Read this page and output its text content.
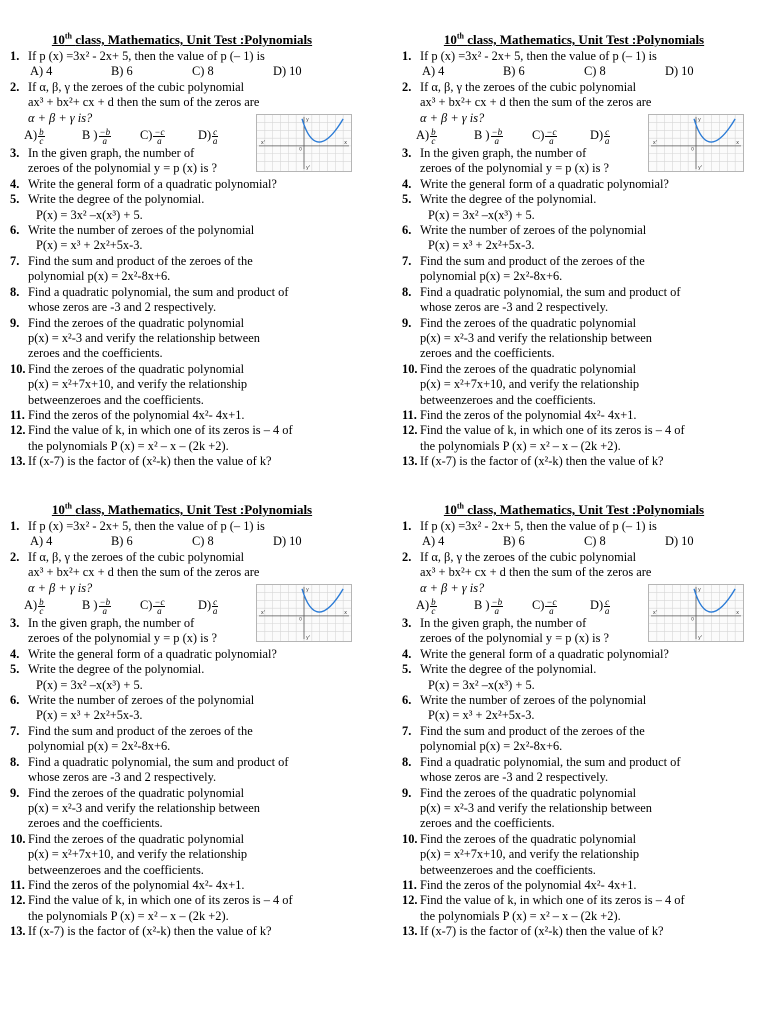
10th class, Mathematics, Unit Test :Polynomials
1. If p (x) =3x² - 2x+ 5, then the value of p (– 1) is
A) 4	B) 6	C) 8	D) 10
2. If α, β, γ the zeroes of the cubic polynomial
ax³ + bx²+ cx + d then the sum of the zeros are
α + β + γ is?
$A) \frac{b}{c}$	B ) $\frac{-b}{a} C) \frac{-c}{a}$	$D) \frac{c}{a}$
3. In the given graph, the number of
zeroes of the polynomial y = p (x) is ?
4. Write the general form of a quadratic polynomial?
5. Write the degree of the polynomial.
P(x) = 3x² –x(x³) + 5.
6. Write the number of zeroes of the polynomial
P(x) = x³ + 2x²+5x-3.
7. Find the sum and product of the zeroes of the
polynomial p(x) = 2x²-8x+6.
8. Find a quadratic polynomial, the sum and product of
whose zeros are -3 and 2 respectively.
9. Find the zeroes of the quadratic polynomial
p(x) = x²-3 and verify the relationship between
zeroes and the coefficients.
10. Find the zeroes of the quadratic polynomial
p(x) = x²+7x+10, and verify the relationship
betweenzeroes and the coefficients.
11. Find the zeros of the polynomial 4x²- 4x+1.
12. Find the value of k, in which one of its zeros is – 4 of
the polynomials P (x) = x² – x – (2k +2).
13. If (x-7) is the factor of (x²-k) then the value of k?
x'	x
y
y'
0
10th class, Mathematics, Unit Test :Polynomials
1. If p (x) =3x² - 2x+ 5, then the value of p (– 1) is
A) 4	B) 6	C) 8	D) 10
2. If α, β, γ the zeroes of the cubic polynomial
ax³ + bx²+ cx + d then the sum of the zeros are
α + β + γ is?
$A) \frac{b}{c}$	B ) $\frac{-b}{a} C) \frac{-c}{a}$	$D) \frac{c}{a}$
3. In the given graph, the number of
zeroes of the polynomial y = p (x) is ?
4. Write the general form of a quadratic polynomial?
5. Write the degree of the polynomial.
P(x) = 3x² –x(x³) + 5.
6. Write the number of zeroes of the polynomial
P(x) = x³ + 2x²+5x-3.
7. Find the sum and product of the zeroes of the
polynomial p(x) = 2x²-8x+6.
8. Find a quadratic polynomial, the sum and product of
whose zeros are -3 and 2 respectively.
9. Find the zeroes of the quadratic polynomial
p(x) = x²-3 and verify the relationship between
zeroes and the coefficients.
10. Find the zeroes of the quadratic polynomial
p(x) = x²+7x+10, and verify the relationship
betweenzeroes and the coefficients.
11. Find the zeros of the polynomial 4x²- 4x+1.
12. Find the value of k, in which one of its zeros is – 4 of
the polynomials P (x) = x² – x – (2k +2).
13. If (x-7) is the factor of (x²-k) then the value of k?
x'	x
y
y'
0
10th class, Mathematics, Unit Test :Polynomials
1. If p (x) =3x² - 2x+ 5, then the value of p (– 1) is
A) 4	B) 6	C) 8	D) 10
2. If α, β, γ the zeroes of the cubic polynomial
ax³ + bx²+ cx + d then the sum of the zeros are
α + β + γ is?
$A) \frac{b}{c}$	B ) $\frac{-b}{a} C) \frac{-c}{a}$	$D) \frac{c}{a}$
3. In the given graph, the number of
zeroes of the polynomial y = p (x) is ?
4. Write the general form of a quadratic polynomial?
5. Write the degree of the polynomial.
P(x) = 3x² –x(x³) + 5.
6. Write the number of zeroes of the polynomial
P(x) = x³ + 2x²+5x-3.
7. Find the sum and product of the zeroes of the
polynomial p(x) = 2x²-8x+6.
8. Find a quadratic polynomial, the sum and product of
whose zeros are -3 and 2 respectively.
9. Find the zeroes of the quadratic polynomial
p(x) = x²-3 and verify the relationship between
zeroes and the coefficients.
10. Find the zeroes of the quadratic polynomial
p(x) = x²+7x+10, and verify the relationship
betweenzeroes and the coefficients.
11. Find the zeros of the polynomial 4x²- 4x+1.
12. Find the value of k, in which one of its zeros is – 4 of
the polynomials P (x) = x² – x – (2k +2).
13. If (x-7) is the factor of (x²-k) then the value of k?
x'	x
y
y'
0
10th class, Mathematics, Unit Test :Polynomials
1. If p (x) =3x² - 2x+ 5, then the value of p (– 1) is
A) 4	B) 6	C) 8	D) 10
2. If α, β, γ the zeroes of the cubic polynomial
ax³ + bx²+ cx + d then the sum of the zeros are
α + β + γ is?
$A) \frac{b}{c}$	B ) $\frac{-b}{a} C) \frac{-c}{a}$	$D) \frac{c}{a}$
3. In the given graph, the number of
zeroes of the polynomial y = p (x) is ?
4. Write the general form of a quadratic polynomial?
5. Write the degree of the polynomial.
P(x) = 3x² –x(x³) + 5.
6. Write the number of zeroes of the polynomial
P(x) = x³ + 2x²+5x-3.
7. Find the sum and product of the zeroes of the
polynomial p(x) = 2x²-8x+6.
8. Find a quadratic polynomial, the sum and product of
whose zeros are -3 and 2 respectively.
9. Find the zeroes of the quadratic polynomial
p(x) = x²-3 and verify the relationship between
zeroes and the coefficients.
10. Find the zeroes of the quadratic polynomial
p(x) = x²+7x+10, and verify the relationship
betweenzeroes and the coefficients.
11. Find the zeros of the polynomial 4x²- 4x+1.
12. Find the value of k, in which one of its zeros is – 4 of
the polynomials P (x) = x² – x – (2k +2).
13. If (x-7) is the factor of (x²-k) then the value of k?
x'	x
y
y'
0
